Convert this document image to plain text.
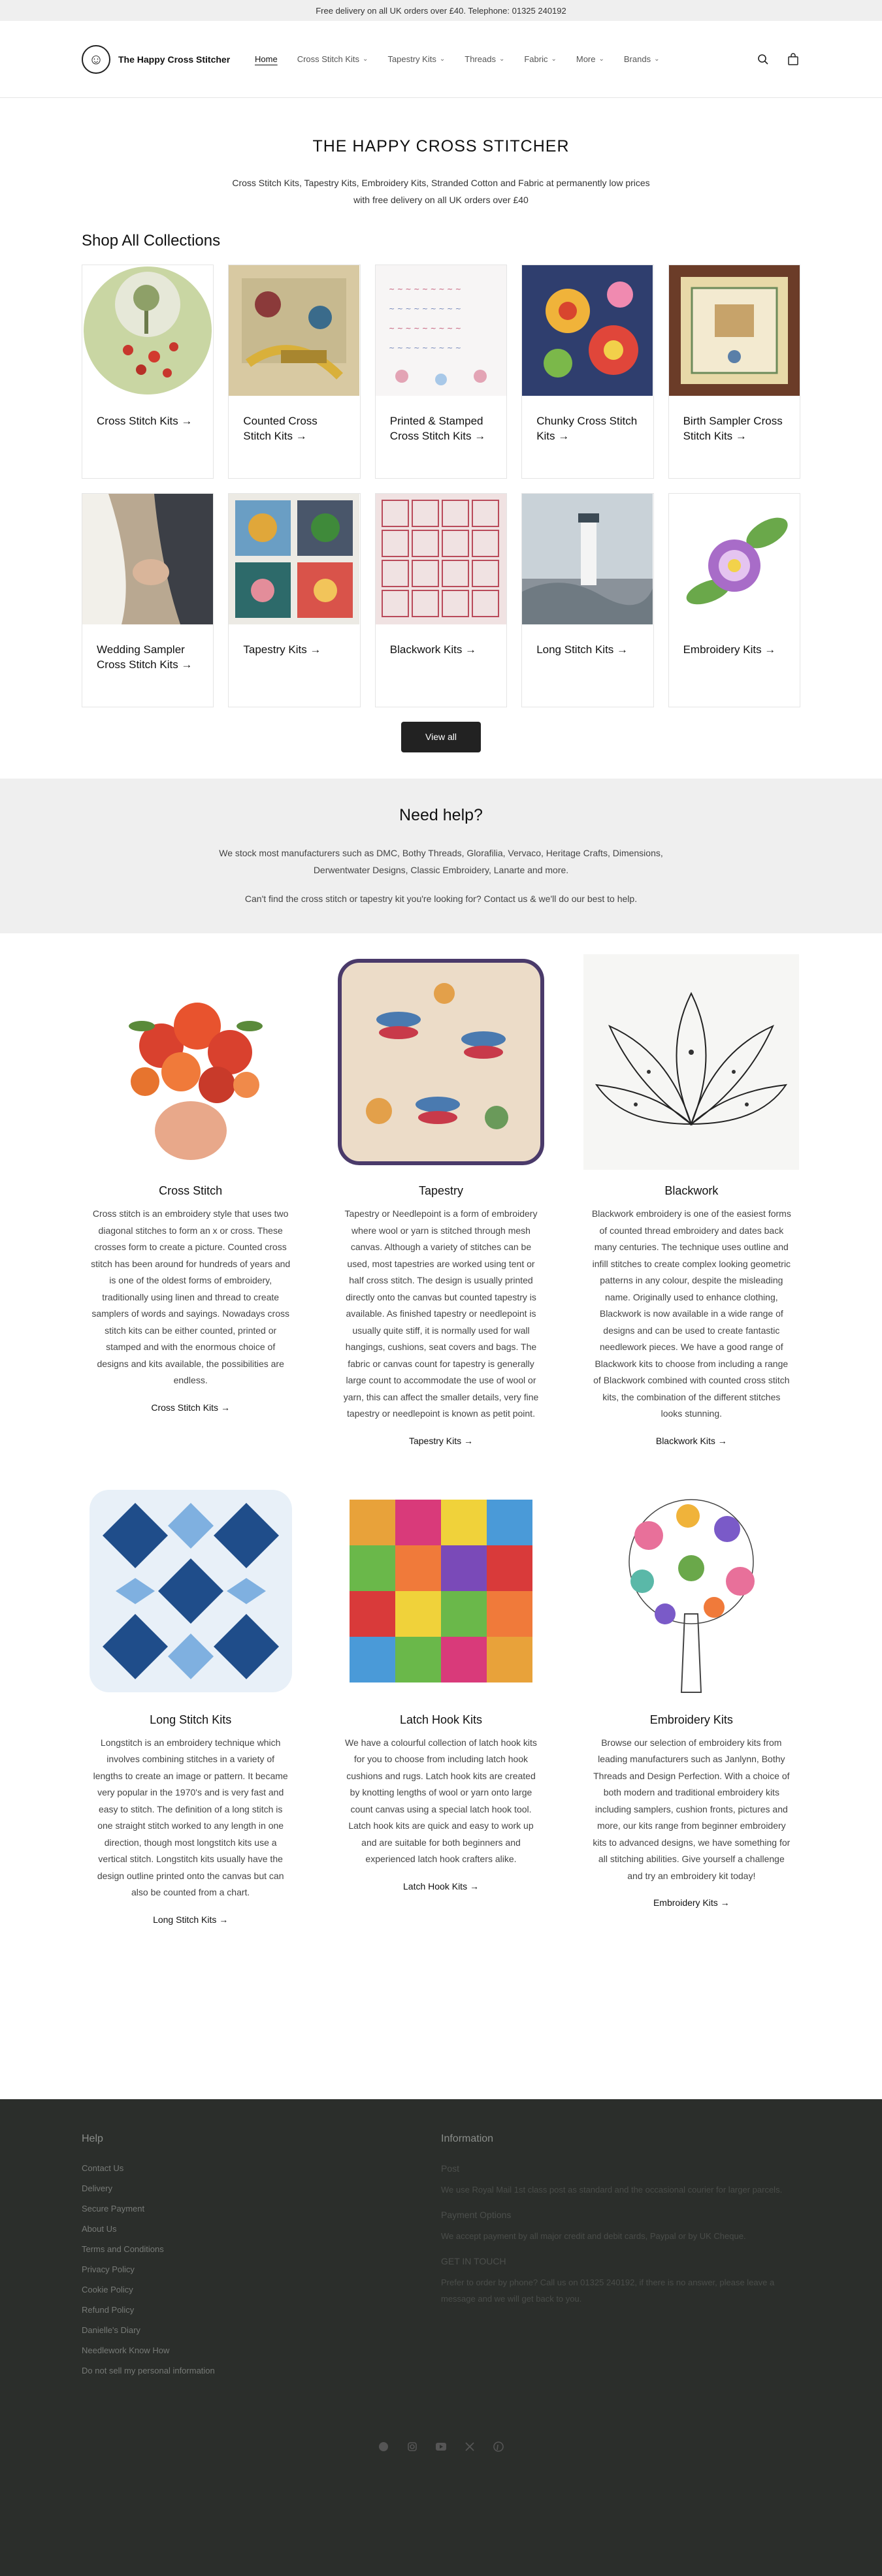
Free delivery on all UK orders over £40. Telephone: 01325 240192
☺	The Happy Cross Stitcher	Home Cross Stitch Kits ⌄ Tapestry Kits ⌄ Threads ⌄ Fabric ⌄ More ⌄ Brands ⌄
THE HAPPY CROSS STITCHER

Cross Stitch Kits, Tapestry Kits, Embroidery Kits, Stranded Cotton and Fabric at permanently low prices

with free delivery on all UK orders over £40

Shop All Collections
Cross Stitch Kits →	Counted Cross Stitch Kits →
~ ~ ~ ~ ~ ~ ~ ~ ~
~ ~ ~ ~ ~ ~ ~ ~ ~
~ ~ ~ ~ ~ ~ ~ ~ ~
~ ~ ~ ~ ~ ~ ~ ~ ~
Printed & Stamped Cross Stitch Kits →
Chunky Cross Stitch Kits →
Birth Sampler Cross Stitch Kits →
Wedding Sampler Cross Stitch Kits →
Tapestry Kits →	Blackwork Kits →	Long Stitch Kits →	Embroidery Kits →
View all
Need help?

We stock most manufacturers such as DMC, Bothy Threads, Glorafilia, Vervaco, Heritage Crafts, Dimensions, Derwentwater Designs, Classic Embroidery, Lanarte and more.

Can't find the cross stitch or tapestry kit you're looking for? Contact us & we'll do our best to help.

Cross Stitch
Cross stitch is an embroidery style that uses two diagonal stitches to form an x or cross. These crosses form to create a picture. Counted cross stitch has been around for hundreds of years and is one of the oldest forms of embroidery, traditionally using linen and thread to create samplers of words and sayings. Nowadays cross stitch kits can be either counted, printed or stamped and with the enormous choice of designs and kits available, the possibilities are endless.
Cross Stitch Kits →
Tapestry
Tapestry or Needlepoint is a form of embroidery where wool or yarn is stitched through mesh canvas. Although a variety of stitches can be used, most tapestries are worked using tent or half cross stitch. The design is usually printed directly onto the canvas but counted tapestry is available. As finished tapestry or needlepoint is usually quite stiff, it is normally used for wall hangings, cushions, seat covers and bags. The fabric or canvas count for tapestry is generally large count to accommodate the use of wool or yarn, this can affect the smaller details, very fine tapestry or needlepoint is known as petit point.
Tapestry Kits →
Blackwork
Blackwork embroidery is one of the easiest forms of counted thread embroidery and dates back many centuries. The technique uses outline and infill stitches to create complex looking geometric patterns in any colour, despite the misleading name. Originally used to enhance clothing, Blackwork is now available in a wide range of designs and can be used to create fantastic needlework pieces. We have a good range of Blackwork kits to choose from including a range of Blackwork combined with counted cross stitch kits, the combination of the different stitches looks stunning.
Blackwork Kits →
Long Stitch Kits
Longstitch is an embroidery technique which involves combining stitches in a variety of lengths to create an image or pattern. It became very popular in the 1970's and is very fast and easy to stitch. The definition of a long stitch is one straight stitch worked to any length in one direction, though most longstitch kits use a vertical stitch. Longstitch kits usually have the design outline printed onto the canvas but can also be counted from a chart.
Long Stitch Kits →
Latch Hook Kits
We have a colourful collection of latch hook kits for you to choose from including latch hook cushions and rugs. Latch hook kits are created by knotting lengths of wool or yarn onto large count canvas using a special latch hook tool. Latch hook kits are quick and easy to work up and are suitable for both beginners and experienced latch hook crafters alike.
Latch Hook Kits →
Embroidery Kits
Browse our selection of embroidery kits from leading manufacturers such as Janlynn, Bothy Threads and Design Perfection. With a choice of both modern and traditional embroidery kits including samplers, cushion fronts, pictures and more, our kits range from beginner embroidery kits to advanced designs, we have something for all stitching abilities. Give yourself a challenge and try an embroidery kit today!
Embroidery Kits →
Help
Contact Us
Delivery
Secure Payment
About Us
Terms and Conditions
Privacy Policy
Cookie Policy
Refund Policy
Danielle's Diary
Needlework Know How
Do not sell my personal information
Information
Post
We use Royal Mail 1st class post as standard and the occasional courier for larger parcels.
Payment Options
We accept payment by all major credit and debit cards, Paypal or by UK Cheque.
GET IN TOUCH
Prefer to order by phone? Call us on 01325 240192, if there is no answer, please leave a message and we will get back to you.
